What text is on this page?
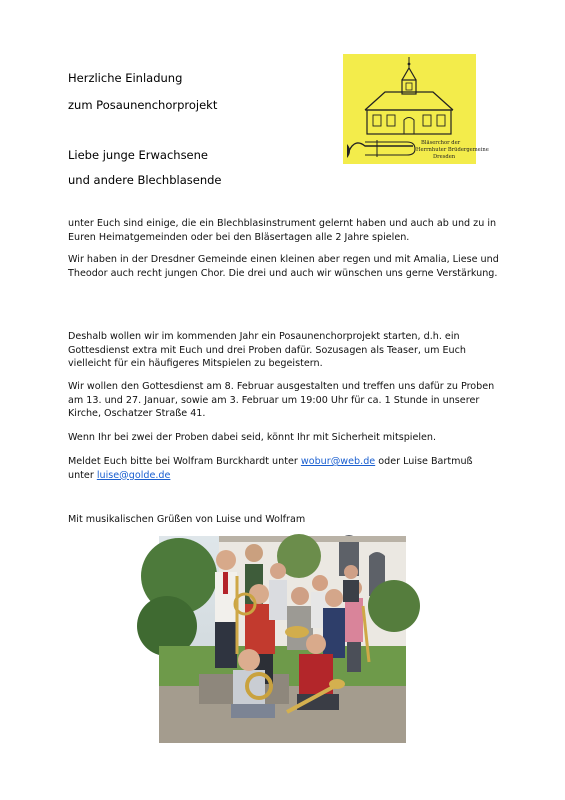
Herzliche Einladung
zum Posaunenchorprojekt
Liebe junge Erwachsene
und andere Blechblasende
Bläserchor der
Herrnhuter Brüdergemeine
Dresden
unter Euch sind einige, die ein Blechblasinstrument gelernt haben und auch ab und zu in Euren Heimatgemeinden oder bei den Bläsertagen alle 2 Jahre spielen.
Wir haben in der Dresdner Gemeinde einen kleinen aber regen und mit Amalia, Liese und Theodor auch recht jungen Chor. Die drei und auch wir wünschen uns gerne Verstärkung.
Deshalb wollen wir im kommenden Jahr ein Posaunenchorprojekt starten, d.h. ein Gottesdienst extra mit Euch und drei Proben dafür. Sozusagen als Teaser, um Euch vielleicht für ein häufigeres Mitspielen zu begeistern.
Wir wollen den Gottesdienst am 8. Februar ausgestalten und treffen uns dafür zu Proben am 13. und 27. Januar, sowie am 3. Februar um 19:00 Uhr für ca. 1 Stunde in unserer Kirche, Oschatzer Straße 41.
Wenn Ihr bei zwei der Proben dabei seid, könnt Ihr mit Sicherheit mitspielen.
Meldet Euch bitte bei Wolfram Burckhardt unter wobur@web.de oder Luise Bartmuß unter luise@golde.de
Mit musikalischen Grüßen von Luise und Wolfram
